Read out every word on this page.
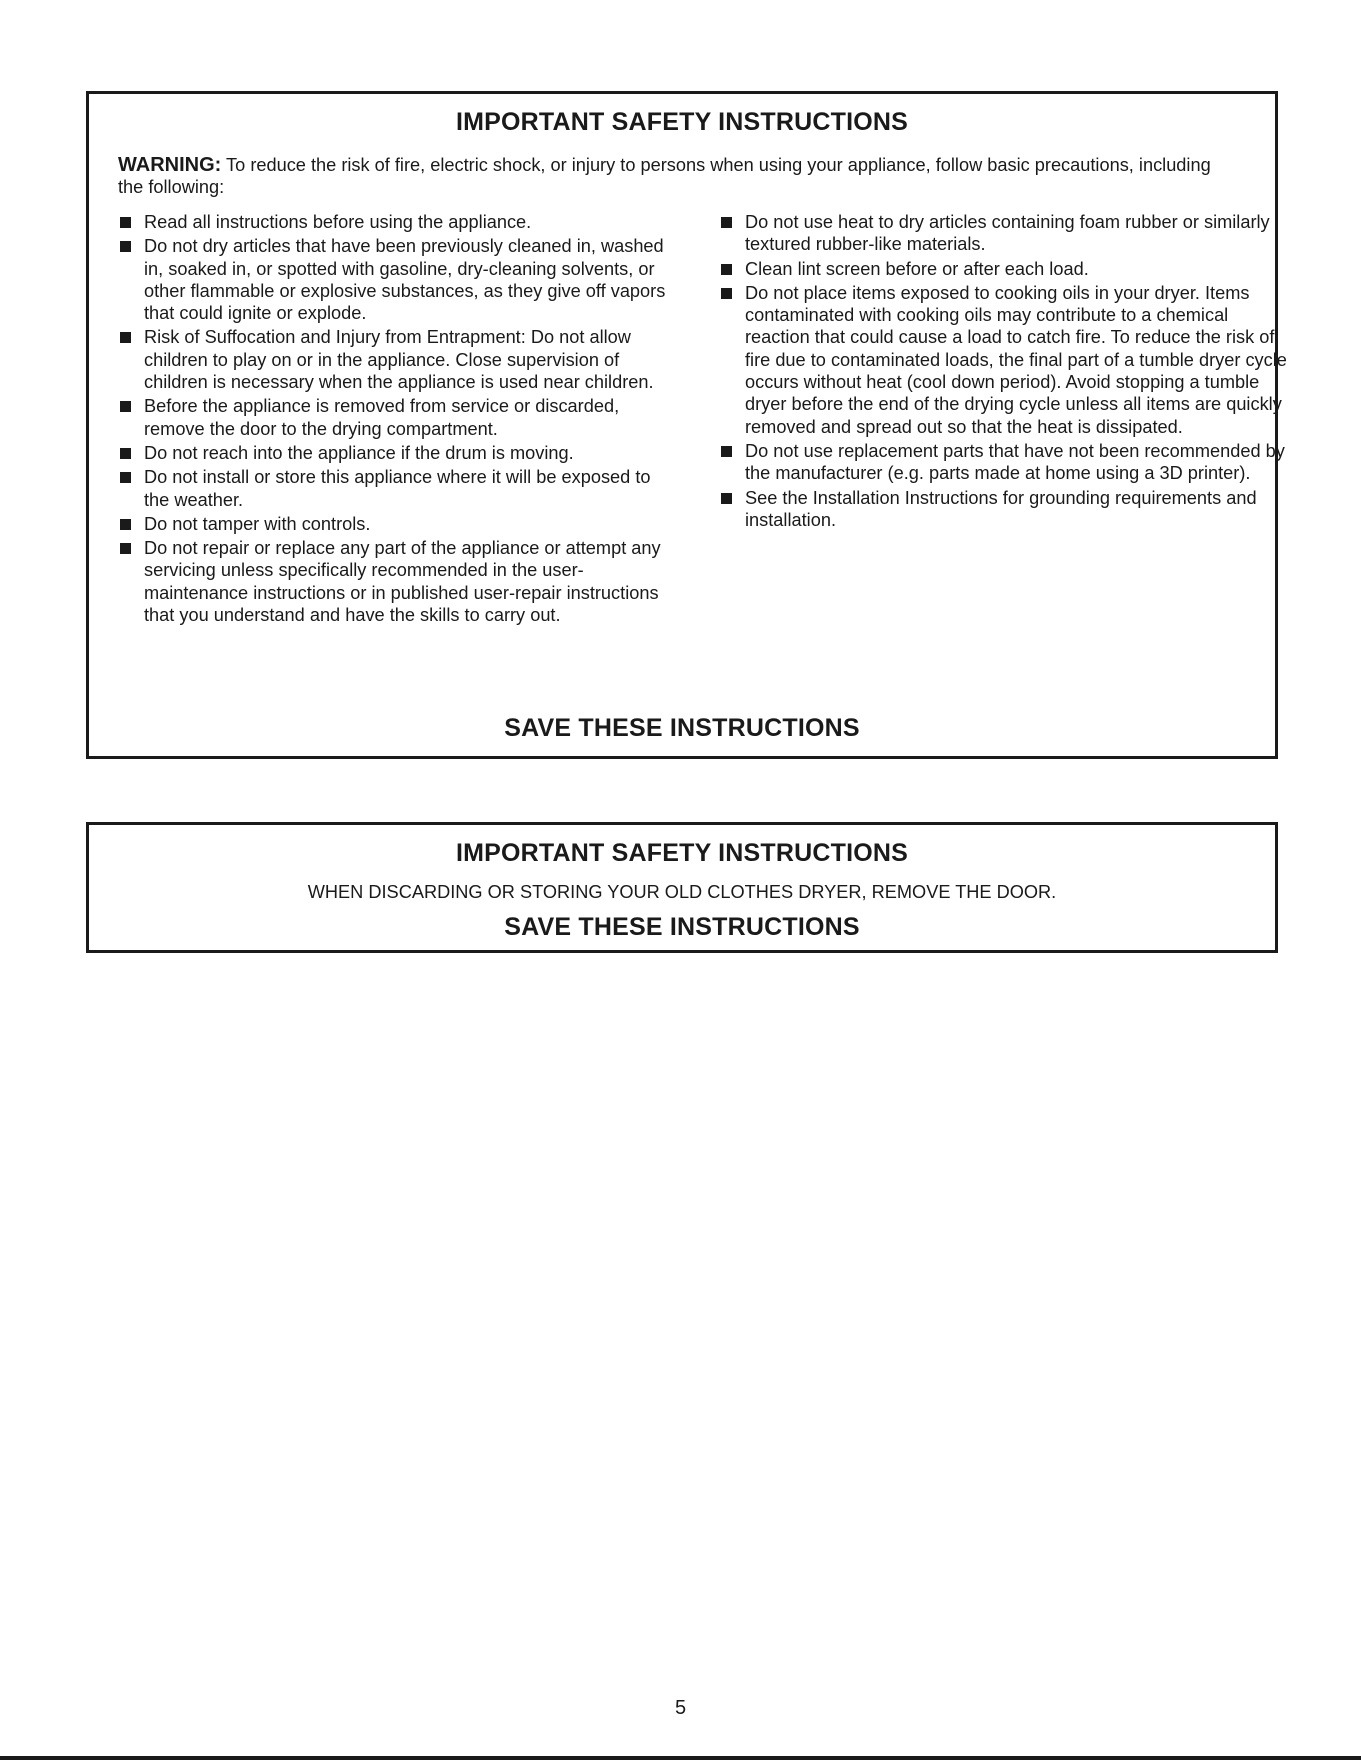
IMPORTANT SAFETY INSTRUCTIONS

WARNING: To reduce the risk of fire, electric shock, or injury to persons when using your appliance, follow basic precautions, including the following:

Read all instructions before using the appliance.
Do not dry articles that have been previously cleaned in, washed in, soaked in, or spotted with gasoline, dry-cleaning solvents, or other flammable or explosive substances, as they give off vapors that could ignite or explode.
Risk of Suffocation and Injury from Entrapment: Do not allow children to play on or in the appliance. Close supervision of children is necessary when the appliance is used near children.
Before the appliance is removed from service or discarded, remove the door to the drying compartment.
Do not reach into the appliance if the drum is moving.
Do not install or store this appliance where it will be exposed to the weather.
Do not tamper with controls.
Do not repair or replace any part of the appliance or attempt any servicing unless specifically recommended in the user-maintenance instructions or in published user-repair instructions that you understand and have the skills to carry out.
Do not use heat to dry articles containing foam rubber or similarly textured rubber-like materials.
Clean lint screen before or after each load.
Do not place items exposed to cooking oils in your dryer. Items contaminated with cooking oils may contribute to a chemical reaction that could cause a load to catch fire. To reduce the risk of fire due to contaminated loads, the final part of a tumble dryer cycle occurs without heat (cool down period). Avoid stopping a tumble dryer before the end of the drying cycle unless all items are quickly removed and spread out so that the heat is dissipated.
Do not use replacement parts that have not been recommended by the manufacturer (e.g. parts made at home using a 3D printer).
See the Installation Instructions for grounding requirements and installation.
SAVE THESE INSTRUCTIONS
IMPORTANT SAFETY INSTRUCTIONS

WHEN DISCARDING OR STORING YOUR OLD CLOTHES DRYER, REMOVE THE DOOR.

SAVE THESE INSTRUCTIONS
5
